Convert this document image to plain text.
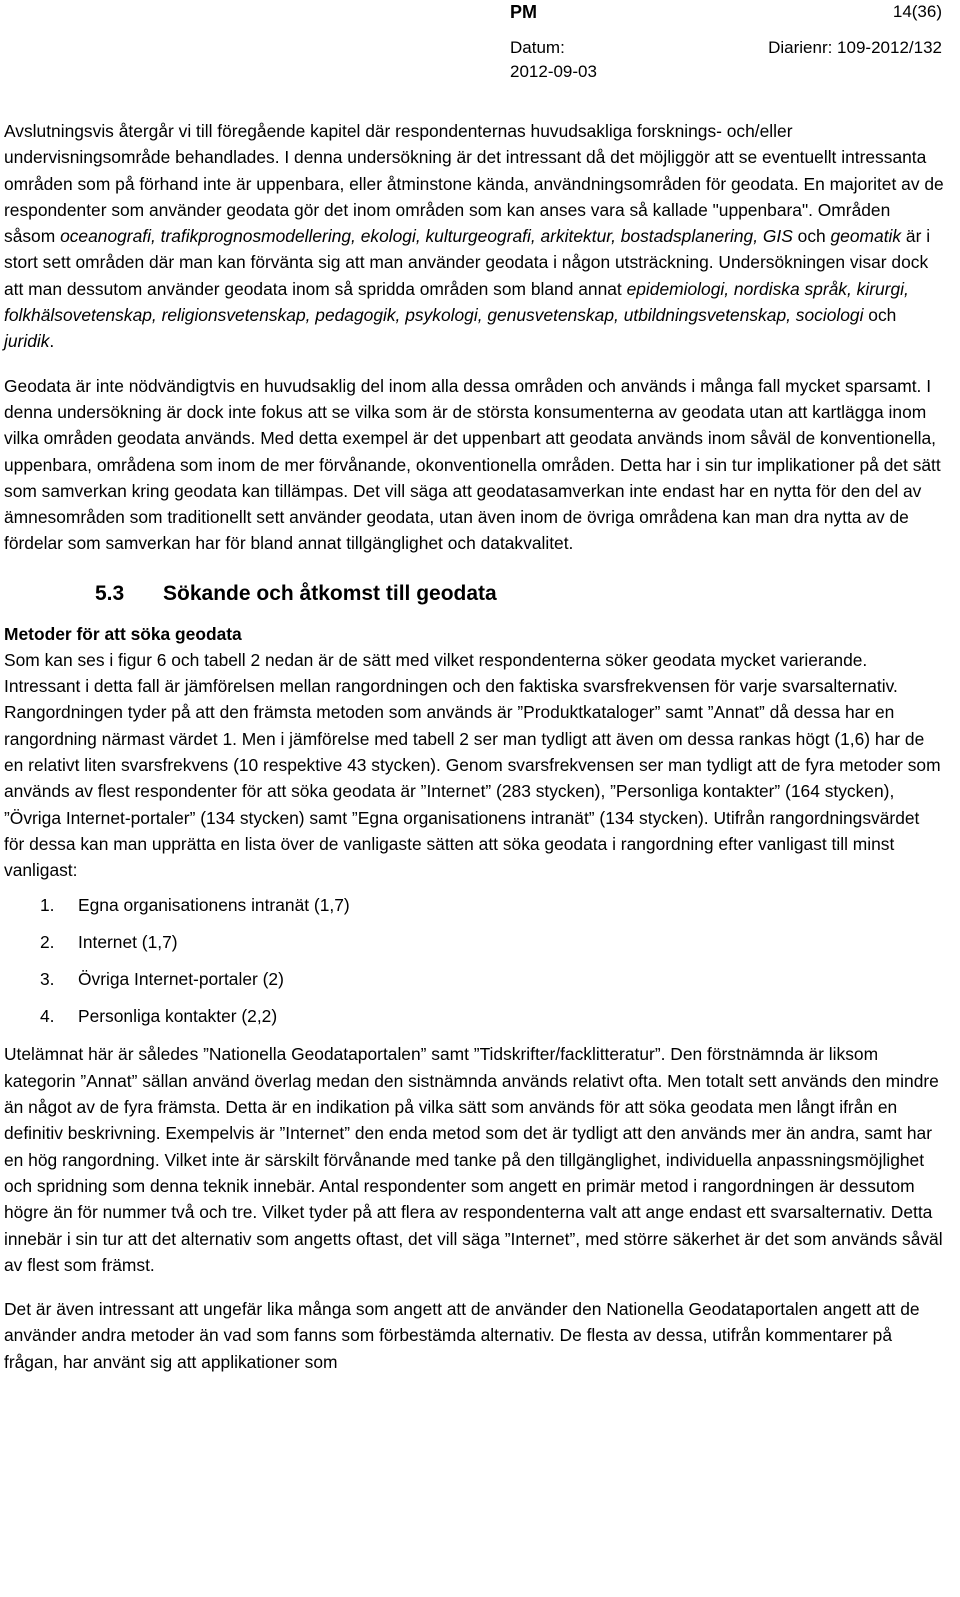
PM	14(36)
Datum:
2012-09-03
Diarienr: 109-2012/132

Avslutningsvis återgår vi till föregående kapitel där respondenternas huvudsakliga forsknings- och/eller undervisningsområde behandlades. I denna undersökning är det intressant då det möjliggör att se eventuellt intressanta områden som på förhand inte är uppenbara, eller åtminstone kända, användningsområden för geodata. En majoritet av de respondenter som använder geodata gör det inom områden som kan anses vara så kallade "uppenbara". Områden såsom oceanografi, trafikprognosmodellering, ekologi, kulturgeografi, arkitektur, bostadsplanering, GIS och geomatik är i stort sett områden där man kan förvänta sig att man använder geodata i någon utsträckning. Undersökningen visar dock att man dessutom använder geodata inom så spridda områden som bland annat epidemiologi, nordiska språk, kirurgi, folkhälsovetenskap, religionsvetenskap, pedagogik, psykologi, genusvetenskap, utbildningsvetenskap, sociologi och juridik.

Geodata är inte nödvändigtvis en huvudsaklig del inom alla dessa områden och används i många fall mycket sparsamt. I denna undersökning är dock inte fokus att se vilka som är de största konsumenterna av geodata utan att kartlägga inom vilka områden geodata används. Med detta exempel är det uppenbart att geodata används inom såväl de konventionella, uppenbara, områdena som inom de mer förvånande, okonventionella områden. Detta har i sin tur implikationer på det sätt som samverkan kring geodata kan tillämpas. Det vill säga att geodatasamverkan inte endast har en nytta för den del av ämnesområden som traditionellt sett använder geodata, utan även inom de övriga områdena kan man dra nytta av de fördelar som samverkan har för bland annat tillgänglighet och datakvalitet.

5.3 Sökande och åtkomst till geodata
Metoder för att söka geodata

Som kan ses i figur 6 och tabell 2 nedan är de sätt med vilket respondenterna söker geodata mycket varierande. Intressant i detta fall är jämförelsen mellan rangordningen och den faktiska svarsfrekvensen för varje svarsalternativ. Rangordningen tyder på att den främsta metoden som används är ”Produktkataloger” samt ”Annat” då dessa har en rangordning närmast värdet 1. Men i jämförelse med tabell 2 ser man tydligt att även om dessa rankas högt (1,6) har de en relativt liten svarsfrekvens (10 respektive 43 stycken). Genom svarsfrekvensen ser man tydligt att de fyra metoder som används av flest respondenter för att söka geodata är ”Internet” (283 stycken), ”Personliga kontakter” (164 stycken), ”Övriga Internet-portaler” (134 stycken) samt ”Egna organisationens intranät” (134 stycken). Utifrån rangordningsvärdet för dessa kan man upprätta en lista över de vanligaste sätten att söka geodata i rangordning efter vanligast till minst vanligast:

1.	Egna organisationens intranät (1,7)
2.	Internet (1,7)
3.	Övriga Internet-portaler (2)
4.	Personliga kontakter (2,2)

Utelämnat här är således ”Nationella Geodataportalen” samt ”Tidskrifter/facklitteratur”. Den förstnämnda är liksom kategorin ”Annat” sällan använd överlag medan den sistnämnda används relativt ofta. Men totalt sett används den mindre än något av de fyra främsta. Detta är en indikation på vilka sätt som används för att söka geodata men långt ifrån en definitiv beskrivning. Exempelvis är ”Internet” den enda metod som det är tydligt att den används mer än andra, samt har en hög rangordning. Vilket inte är särskilt förvånande med tanke på den tillgänglighet, individuella anpassningsmöjlighet och spridning som denna teknik innebär. Antal respondenter som angett en primär metod i rangordningen är dessutom högre än för nummer två och tre. Vilket tyder på att flera av respondenterna valt att ange endast ett svarsalternativ. Detta innebär i sin tur att det alternativ som angetts oftast, det vill säga ”Internet”, med större säkerhet är det som används såväl av flest som främst.

Det är även intressant att ungefär lika många som angett att de använder den Nationella Geodataportalen angett att de använder andra metoder än vad som fanns som förbestämda alternativ. De flesta av dessa, utifrån kommentarer på frågan, har använt sig att applikationer som
